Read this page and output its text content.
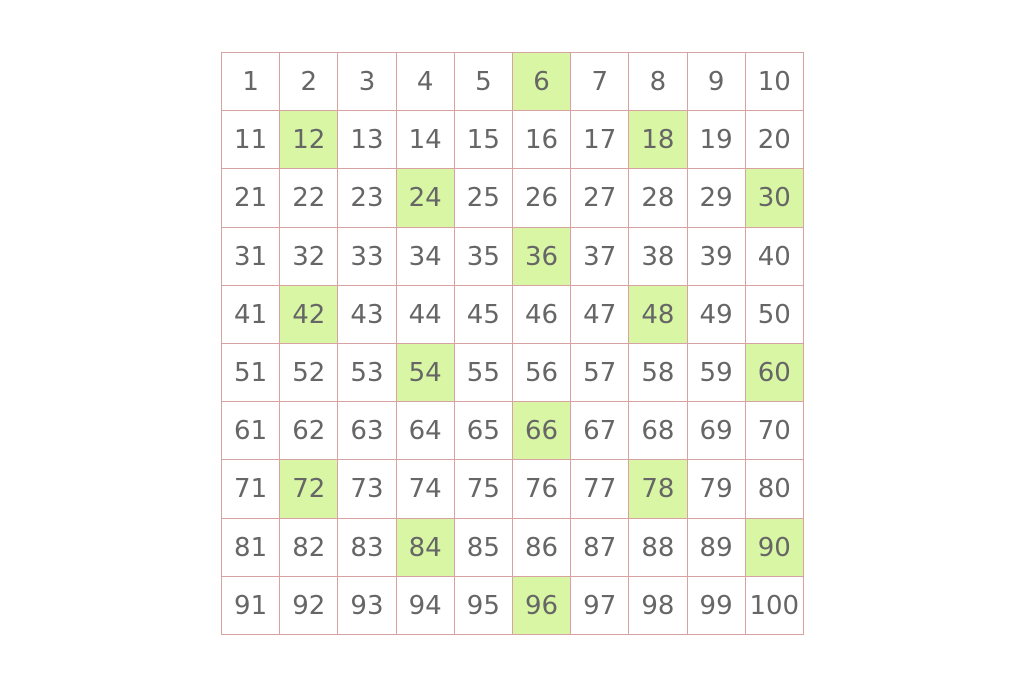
1	2	3	4	5	6	7	8	9	10
11 12 13 14 15 16 17 18 19 20
21 22 23 24 25 26 27 28 29 30
31 32 33 34 35 36 37 38 39 40
41 42 43 44 45 46 47 48 49 50
51 52 53 54 55 56 57 58 59 60
61 62 63 64 65 66 67 68 69 70
71 72 73 74 75 76 77 78 79 80
81 82 83 84 85 86 87 88 89 90
91 92 93 94 95 96 97 98 99 100
